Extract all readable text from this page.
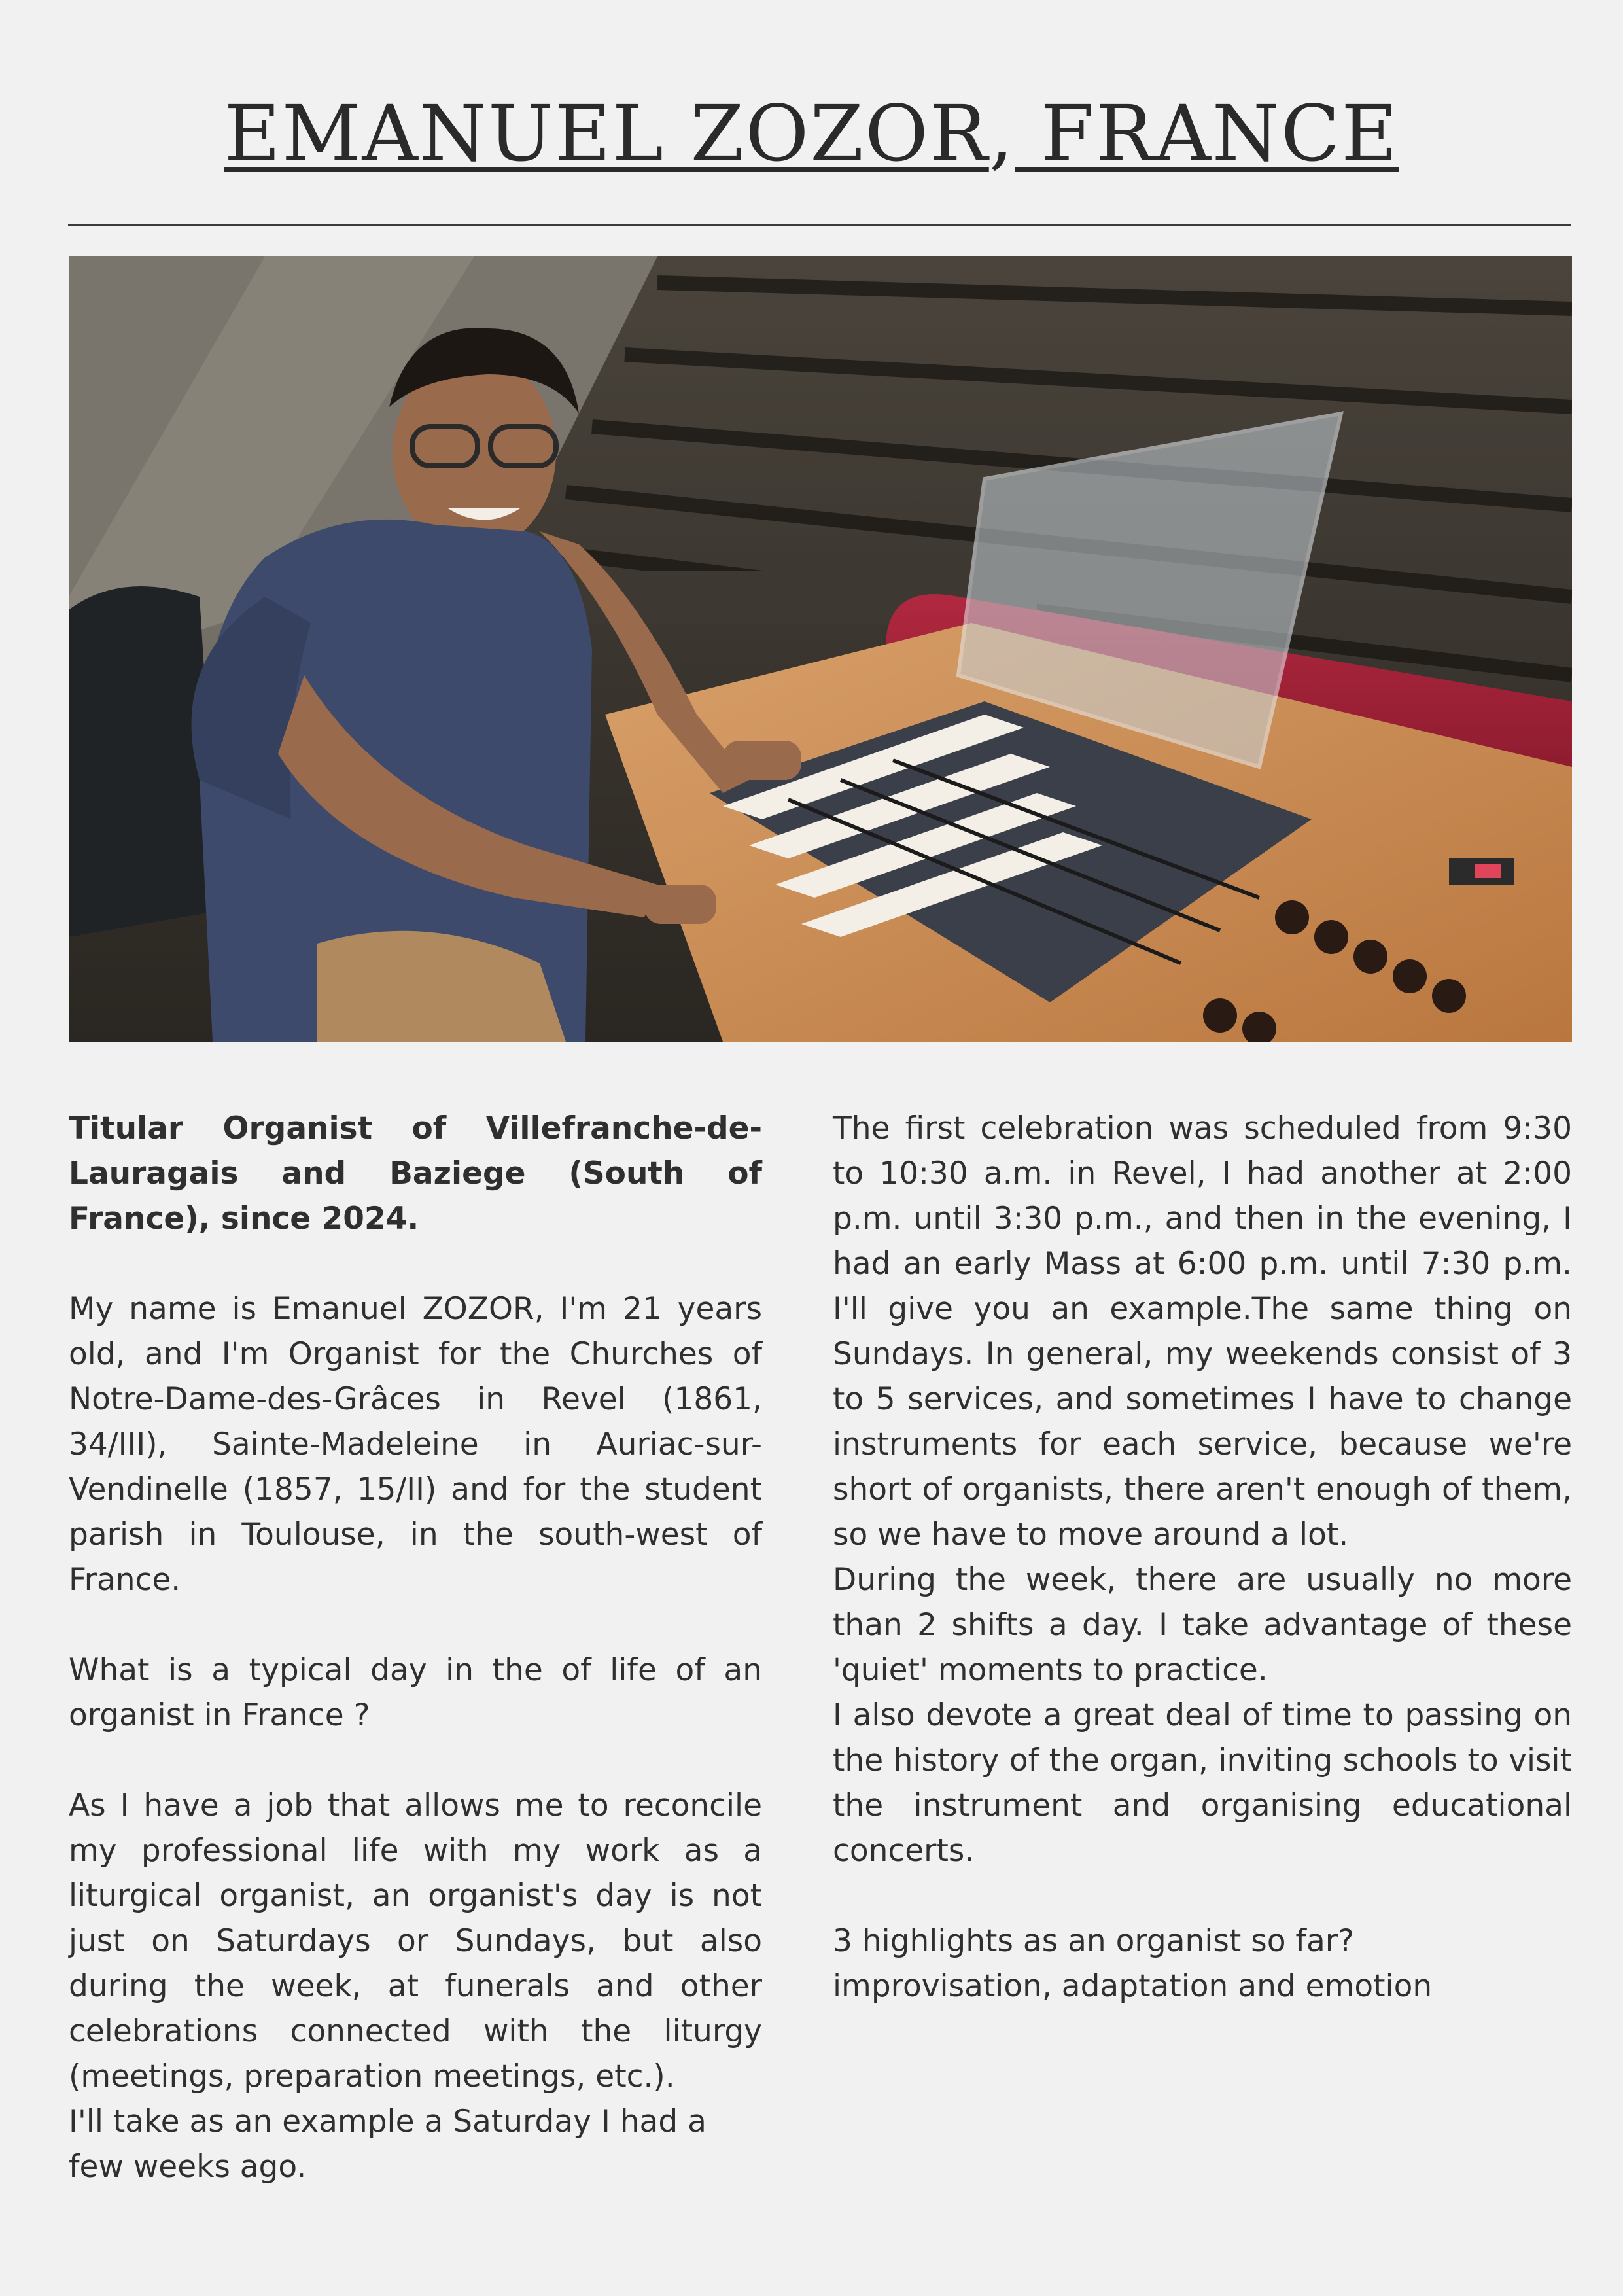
EMANUEL ZOZOR, FRANCE

Titular Organist of Villefranche-de-Lauragais and Baziege (South of France), since 2024.

My name is Emanuel ZOZOR, I'm 21 years old, and I'm Organist for the Churches of Notre-Dame-des-Grâces in Revel (1861, 34/III), Sainte-Madeleine in Auriac-sur-Vendinelle (1857, 15/II) and for the student parish in Toulouse, in the south-west of France.

What is a typical day in the of life of an organist in France ?

As I have a job that allows me to reconcile my professional life with my work as a liturgical organist, an organist's day is not just on Saturdays or Sundays, but also during the week, at funerals and other celebrations connected with the liturgy (meetings, preparation meetings, etc.).

I'll take as an example a Saturday I had a few weeks ago.

The first celebration was scheduled from 9:30 to 10:30 a.m. in Revel, I had another at 2:00 p.m. until 3:30 p.m., and then in the evening, I had an early Mass at 6:00 p.m. until 7:30 p.m. I'll give you an example.The same thing on Sundays. In general, my weekends consist of 3 to 5 services, and sometimes I have to change instruments for each service, because we're short of organists, there aren't enough of them, so we have to move around a lot.

During the week, there are usually no more than 2 shifts a day. I take advantage of these 'quiet' moments to practice.

I also devote a great deal of time to passing on the history of the organ, inviting schools to visit the instrument and organising educational concerts.

3 highlights as an organist so far?

improvisation, adaptation and emotion
